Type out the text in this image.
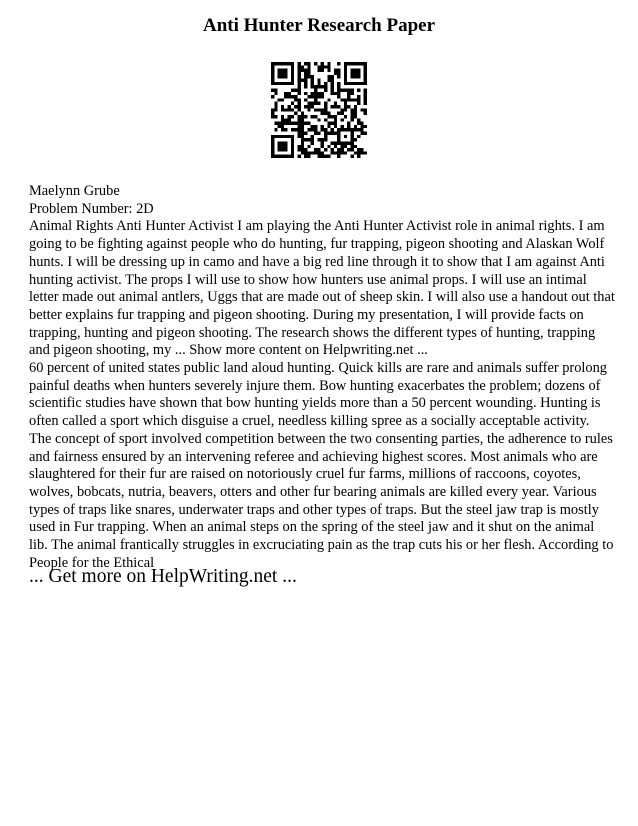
Anti Hunter Research Paper

Maelynn Grube

Problem Number: 2D

Animal Rights Anti Hunter Activist I am playing the Anti Hunter Activist role in animal rights. I am going to be fighting against people who do hunting, fur trapping, pigeon shooting and Alaskan Wolf hunts. I will be dressing up in camo and have a big red line through it to show that I am against Anti hunting activist. The props I will use to show how hunters use animal props. I will use an intimal letter made out animal antlers, Uggs that are made out of sheep skin. I will also use a handout out that better explains fur trapping and pigeon shooting. During my presentation, I will provide facts on trapping, hunting and pigeon shooting. The research shows the different types of hunting, trapping and pigeon shooting, my ... Show more content on Helpwriting.net ...

60 percent of united states public land aloud hunting. Quick kills are rare and animals suffer prolong painful deaths when hunters severely injure them. Bow hunting exacerbates the problem; dozens of scientific studies have shown that bow hunting yields more than a 50 percent wounding. Hunting is often called a sport which disguise a cruel, needless killing spree as a socially acceptable activity. The concept of sport involved competition between the two consenting parties, the adherence to rules and fairness ensured by an intervening referee and achieving highest scores. Most animals who are slaughtered for their fur are raised on notoriously cruel fur farms, millions of raccoons, coyotes, wolves, bobcats, nutria, beavers, otters and other fur bearing animals are killed every year. Various types of traps like snares, underwater traps and other types of traps. But the steel jaw trap is mostly used in Fur trapping. When an animal steps on the spring of the steel jaw and it shut on the animal lib. The animal frantically struggles in excruciating pain as the trap cuts his or her flesh. According to People for the Ethical

... Get more on HelpWriting.net ...
